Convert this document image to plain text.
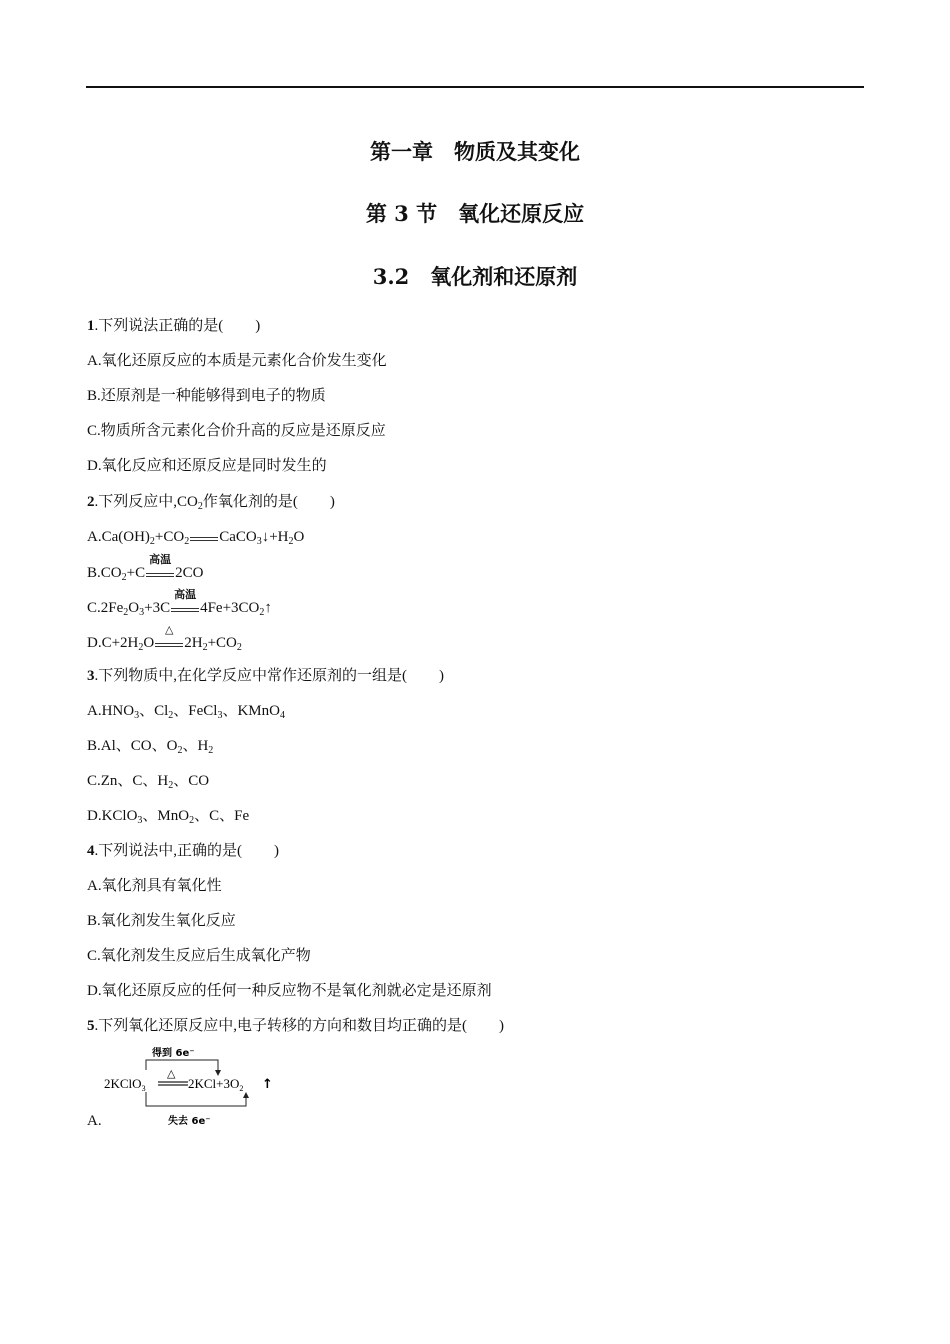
第一章　物质及其变化
第 3 节　氧化还原反应
3.2　氧化剂和还原剂
1.下列说法正确的是( )
A.氧化还原反应的本质是元素化合价发生变化
B.还原剂是一种能够得到电子的物质
C.物质所含元素化合价升高的反应是还原反应
D.氧化反应和还原反应是同时发生的
2.下列反应中$,CO_2$作氧化剂的是( )
$A.Ca(OH)_2+CO_2$ $CaCO_3↓+H_2O$
$B.CO_2+C$
高温
2CO
$C.2Fe_2O_3+3C$
高温
$4Fe+3CO_2↑$
$D.C+2H_2O$
△
$2H_2+CO_2$
3.下列物质中,在化学反应中常作还原剂的一组是( )
$A.HNO_3$、$Cl_2$、FeCl$_3$、KMnO$_4$
B.Al、CO、$O_2$、$H_2$
C.Zn、C、$H_2$、CO
D.KClO$_3$、MnO$_2$、C、Fe
4.下列说法中,正确的是( )
A.氧化剂具有氧化性
B.氧化剂发生氧化反应
C.氧化剂发生反应后生成氧化产物
D.氧化还原反应的任何一种反应物不是氧化剂就必定是还原剂
5.下列氧化还原反应中,电子转移的方向和数目均正确的是( )
得到 6e⁻
2KClO$_3$
△
$2KCl+3O_2$ ↑
失去 6e⁻
A.
